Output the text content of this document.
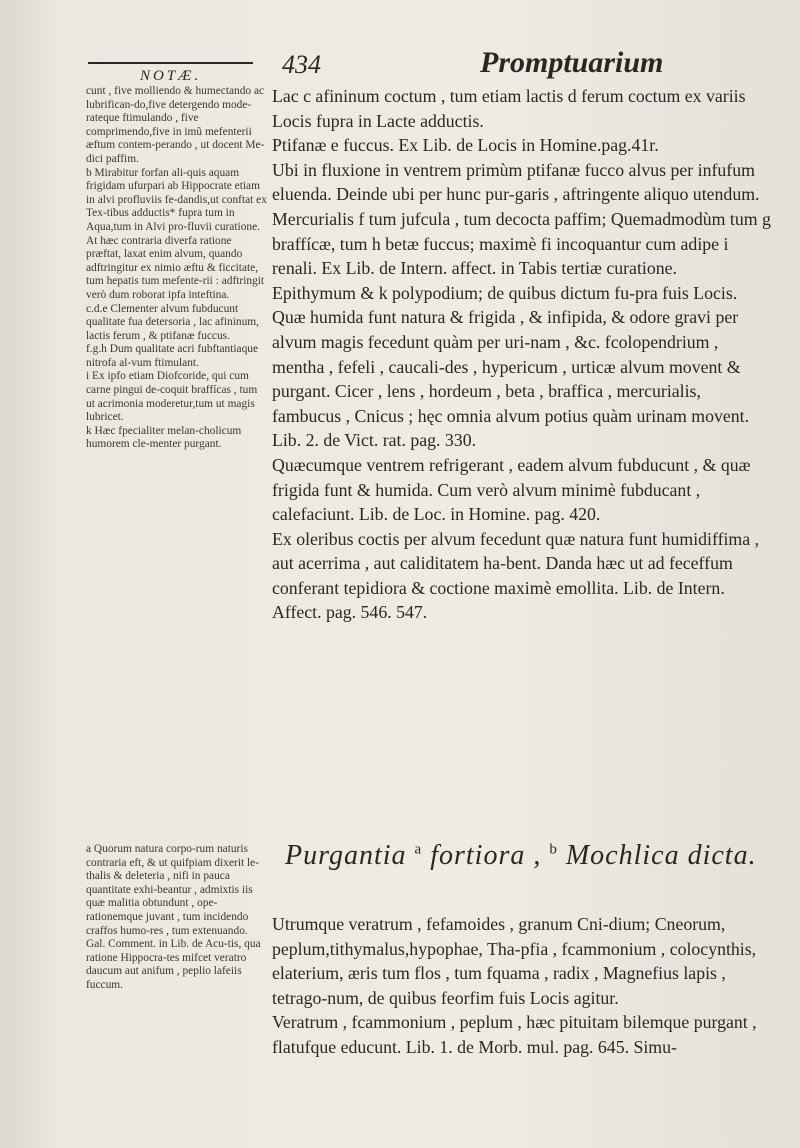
NOTÆ.	434	Promptuarium

cunt , five molliendo & humectando ac lubrifican-do,five detergendo mode-rateque ftimulando , five comprimendo,five in imũ mefenterii æftum contem-perando , ut docent Me-dici paffim.

b Mirabitur forfan ali-quis aquam frigidam ufurpari ab Hippocrate etiam in alvi profluviis fe-dandis,ut conftat ex Tex-tibus adductis* fupra tum in Aqua,tum in Alvi pro-fluvii curatione. At hæc contraria diverfa ratione præftat, laxat enim alvum, quando adftringitur ex nimio æftu & ficcitate, tum hepatis tum mefente-rii : adftringit verò dum roborat ipfa inteftina.

c.d.e Clementer alvum fubducunt qualitate fua detersoria , lac afininum, lactis ferum , & ptifanæ fuccus.

f.g.h Dum qualitate acri fubftantiaque nitrofa al-vum ftimulant.

i Ex ipfo etiam Diofcoride, qui cum carne pingui de-coquit braffícas , tum ut acrimonia moderetur,tum ut magis lubricet.

k Hæc fpecialiter melan-cholicum humorem cle-menter purgant.

Lac c afininum coctum , tum etiam lactis d ferum coctum ex variis Locis fupra in Lacte adductis.

Ptifanæ e fuccus. Ex Lib. de Locis in Homine.pag.41r.

Ubi in fluxione in ventrem primùm ptifanæ fucco alvus per infufum eluenda. Deinde ubi per hunc pur-garis , aftringente aliquo utendum.

Mercurialis f tum jufcula , tum decocta paffim; Quemadmodùm tum g braffícæ, tum h betæ fuccus; maximè fi incoquantur cum adipe i renali. Ex Lib. de Intern. affect. in Tabis tertiæ curatione.

Epithymum & k polypodium; de quibus dictum fu-pra fuis Locis.

Quæ humida funt natura & frigida , & infipida, & odore gravi per alvum magis fecedunt quàm per uri-nam , &c. fcolopendrium , mentha , fefeli , caucali-des , hypericum , urticæ alvum movent & purgant. Cicer , lens , hordeum , beta , braffica , mercurialis, fambucus , Cnicus ; hęc omnia alvum potius quàm urinam movent. Lib. 2. de Vict. rat. pag. 330.

Quæcumque ventrem refrigerant , eadem alvum fubducunt , & quæ frigida funt & humida. Cum verò alvum minimè fubducant , calefaciunt. Lib. de Loc. in Homine. pag. 420.

Ex oleribus coctis per alvum fecedunt quæ natura funt humidiffima , aut acerrima , aut caliditatem ha-bent. Danda hæc ut ad feceffum conferant tepidiora & coctione maximè emollita. Lib. de Intern. Affect. pag. 546. 547.

Purgantia $^a$ fortiora , $^b$ Mochlica dicta.

a Quorum natura corpo-rum naturis contraria eft, & ut quifpiam dixerit le-thalis & deleteria , nifi in pauca quantitate exhi-beantur , admixtis iis quæ malitia obtundunt , ope-rationemque juvant , tum incidendo craffos humo-res , tum extenuando. Gal. Comment. in Lib. de Acu-tis, qua ratione Hippocra-tes mifcet veratro daucum aut anifum , peplio lafeiis fuccum.

Utrumque veratrum , fefamoides , granum Cni-dium; Cneorum, peplum,tithymalus,hypophae, Tha-pfia , fcammonium , colocynthis, elaterium, æris tum flos , tum fquama , radix , Magnefius lapis , tetrago-num, de quibus feorfim fuis Locis agitur.

Veratrum , fcammonium , peplum , hæc pituitam bilemque purgant , flatufque educunt. Lib. 1. de Morb. mul. pag. 645. Simu-
